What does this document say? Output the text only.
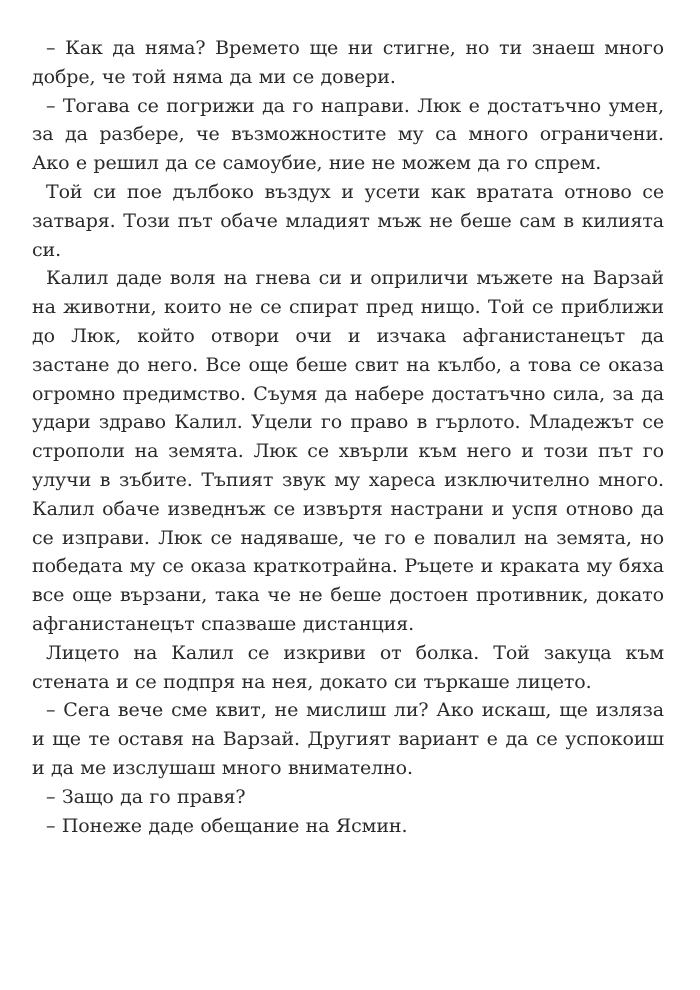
– Как да няма? Времето ще ни стигне, но ти знаеш много добре, че той няма да ми се довери.

– Тогава се погрижи да го направи. Люк е достатъчно умен, за да разбере, че възможностите му са много ограничени. Ако е решил да се самоубие, ние не можем да го спрем.

Той си пое дълбоко въздух и усети как вратата отново се затваря. Този път обаче младият мъж не беше сам в килията си.

Калил даде воля на гнева си и оприличи мъжете на Варзай на животни, които не се спират пред нищо. Той се приближи до Люк, който отвори очи и изчака афганистанецът да застане до него. Все още беше свит на кълбо, а това се оказа огромно предимство. Съумя да набере достатъчно сила, за да удари здраво Калил. Уцели го право в гърлото. Младежът се строполи на земята. Люк се хвърли към него и този път го улучи в зъбите. Тъпият звук му хареса изключително много. Калил обаче изведнъж се извъртя настрани и успя отново да се изправи. Люк се надяваше, че го е повалил на земята, но победата му се оказа краткотрайна. Ръцете и краката му бяха все още вързани, така че не беше достоен противник, докато афганистанецът спазваше дистанция.

Лицето на Калил се изкриви от болка. Той закуца към стената и се подпря на нея, докато си търкаше лицето.

– Сега вече сме квит, не мислиш ли? Ако искаш, ще изляза и ще те оставя на Варзай. Другият вариант е да се успокоиш и да ме изслушаш много внимателно.

– Защо да го правя?

– Понеже даде обещание на Ясмин.
